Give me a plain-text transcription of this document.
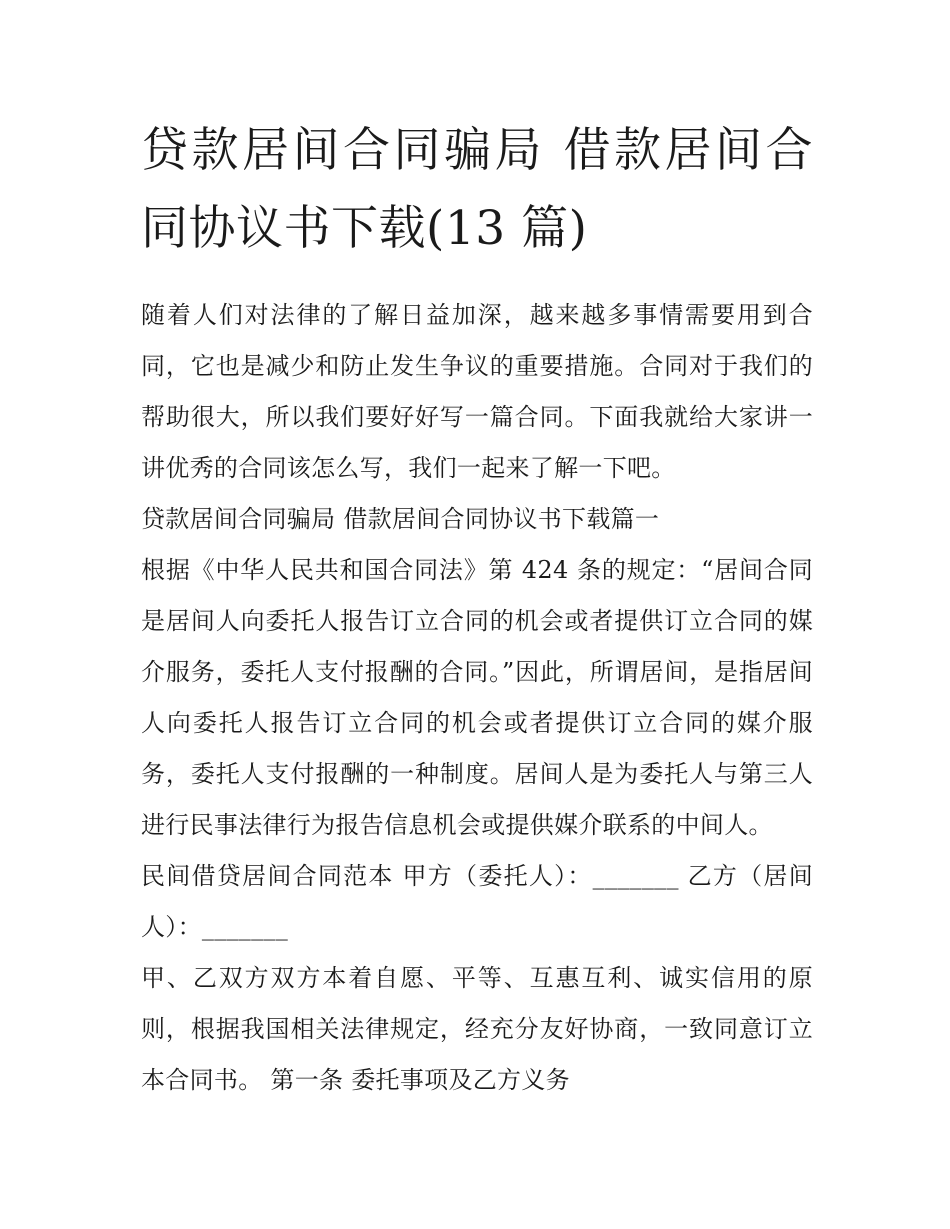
贷款居间合同骗局 借款居间合同协议书下载(13 篇)

随着人们对法律的了解日益加深，越来越多事情需要用到合同，它也是减少和防止发生争议的重要措施。合同对于我们的帮助很大，所以我们要好好写一篇合同。下面我就给大家讲一讲优秀的合同该怎么写，我们一起来了解一下吧。

贷款居间合同骗局 借款居间合同协议书下载篇一

根据《中华人民共和国合同法》第 424 条的规定：“居间合同是居间人向委托人报告订立合同的机会或者提供订立合同的媒介服务，委托人支付报酬的合同。”因此，所谓居间，是指居间人向委托人报告订立合同的机会或者提供订立合同的媒介服务，委托人支付报酬的一种制度。居间人是为委托人与第三人进行民事法律行为报告信息机会或提供媒介联系的中间人。

民间借贷居间合同范本 甲方（委托人）：_______ 乙方（居间人）：_______

甲、乙双方双方本着自愿、平等、互惠互利、诚实信用的原则，根据我国相关法律规定，经充分友好协商，一致同意订立本合同书。 第一条 委托事项及乙方义务
